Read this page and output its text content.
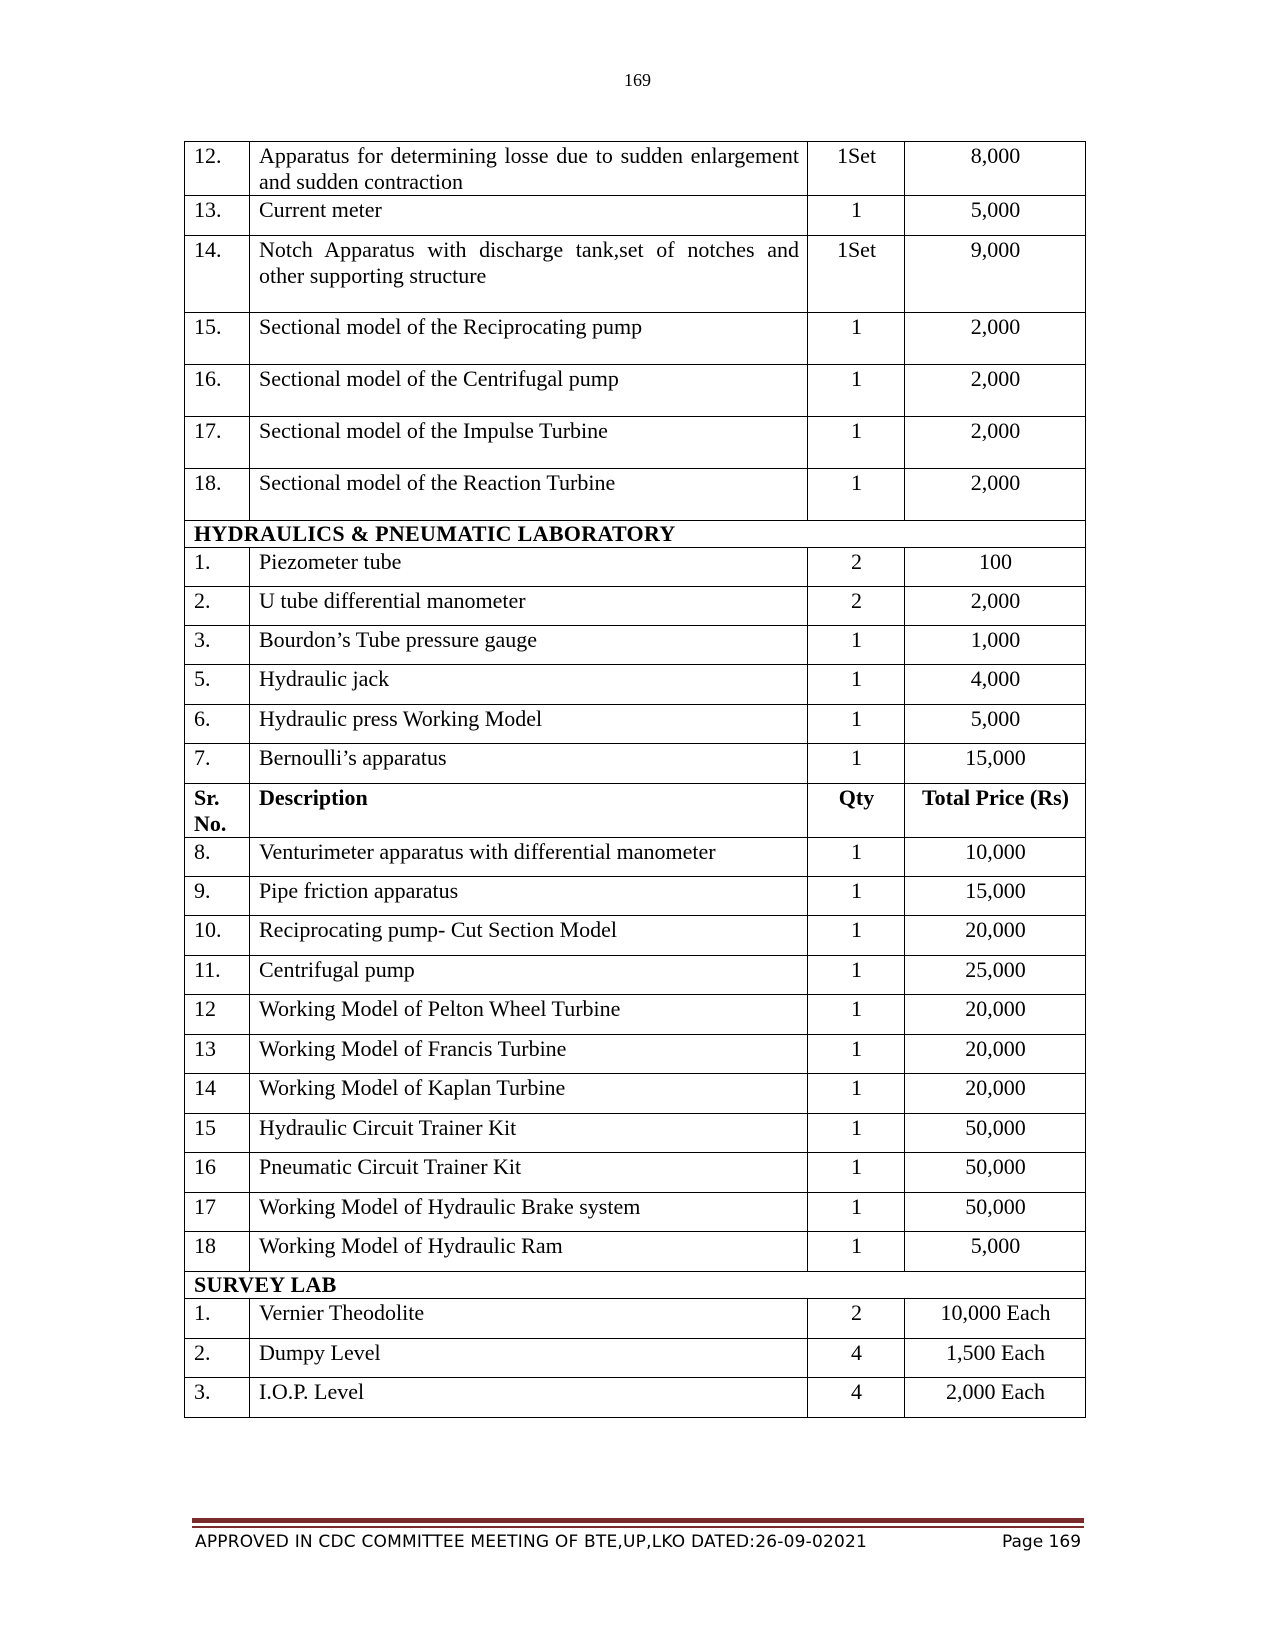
169
12.	Apparatus for determining losse due to sudden enlargement and sudden contraction	1Set	8,000
13.	Current meter	1	5,000
14.	Notch Apparatus with discharge tank,set of notches and other supporting structure	1Set	9,000
15.	Sectional model of the Reciprocating pump	1	2,000
16.	Sectional model of the Centrifugal pump	1	2,000
17.	Sectional model of the Impulse Turbine	1	2,000
18.	Sectional model of the Reaction Turbine	1	2,000
HYDRAULICS & PNEUMATIC LABORATORY			
1.	Piezometer tube	2	100
2.	U tube differential manometer	2	2,000
3.	Bourdon’s Tube pressure gauge	1	1,000
5.	Hydraulic jack	1	4,000
6.	Hydraulic press Working Model	1	5,000
7.	Bernoulli’s apparatus	1	15,000
Sr. No.	Description	Qty	Total Price (Rs)
8.	Venturimeter apparatus with differential manometer	1	10,000
9.	Pipe friction apparatus	1	15,000
10.	Reciprocating pump- Cut Section Model	1	20,000
11.	Centrifugal pump	1	25,000
12	Working Model of Pelton Wheel Turbine	1	20,000
13	Working Model of Francis Turbine	1	20,000
14	Working Model of Kaplan Turbine	1	20,000
15	Hydraulic Circuit Trainer Kit	1	50,000
16	Pneumatic Circuit Trainer Kit	1	50,000
17	Working Model of Hydraulic Brake system	1	50,000
18	Working Model of Hydraulic Ram	1	5,000
SURVEY LAB			
1.	Vernier Theodolite	2	10,000 Each
2.	Dumpy Level	4	1,500 Each
3.	I.O.P. Level	4	2,000 Each
APPROVED IN CDC COMMITTEE MEETING OF BTE,UP,LKO DATED:26-09-02021	Page 169
